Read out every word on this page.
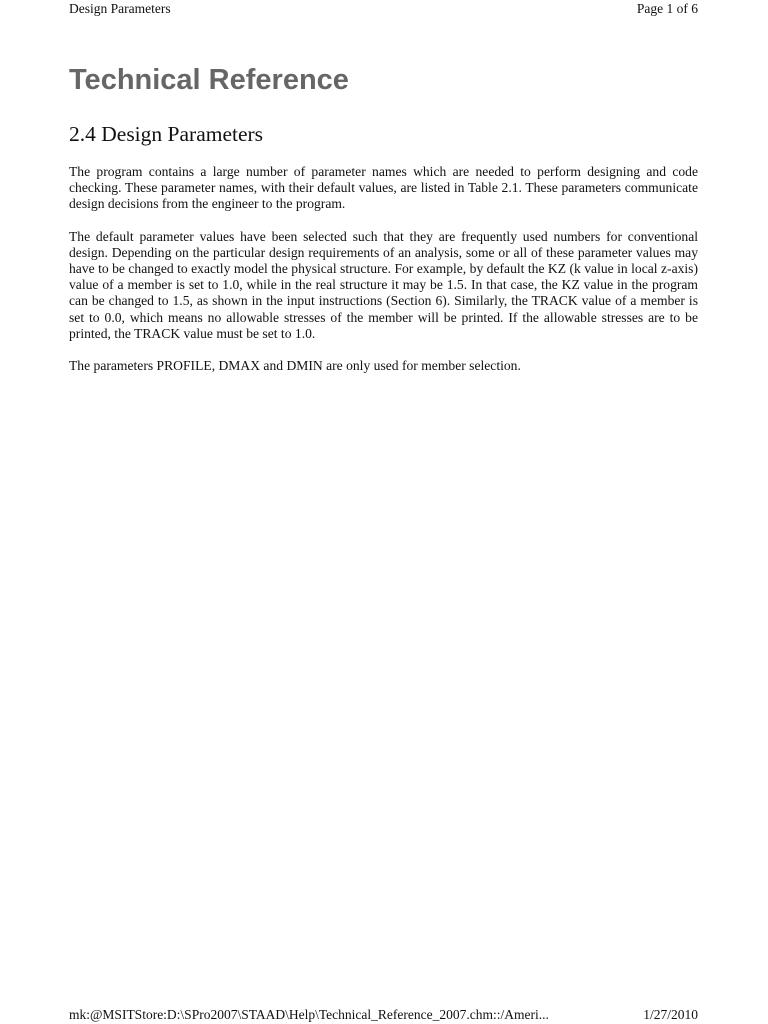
Design Parameters	Page 1 of 6
Technical Reference
2.4 Design Parameters

The program contains a large number of parameter names which are needed to perform designing and code checking. These parameter names, with their default values, are listed in Table 2.1. These parameters communicate design decisions from the engineer to the program.

The default parameter values have been selected such that they are frequently used numbers for conventional design. Depending on the particular design requirements of an analysis, some or all of these parameter values may have to be changed to exactly model the physical structure. For example, by default the KZ (k value in local z-axis) value of a member is set to 1.0, while in the real structure it may be 1.5. In that case, the KZ value in the program can be changed to 1.5, as shown in the input instructions (Section 6). Similarly, the TRACK value of a member is set to 0.0, which means no allowable stresses of the member will be printed. If the allowable stresses are to be printed, the TRACK value must be set to 1.0.

The parameters PROFILE, DMAX and DMIN are only used for member selection.

mk:@MSITStore:D:\SPro2007\STAAD\Help\Technical_Reference_2007.chm::/Ameri...	1/27/2010
